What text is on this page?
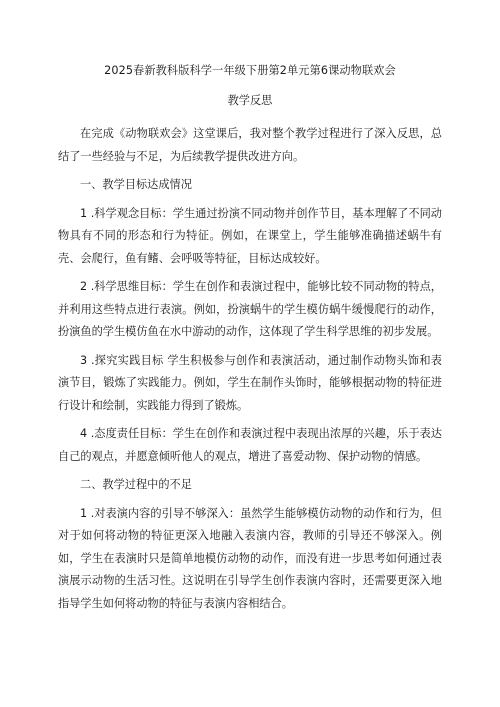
2025春新教科版科学一年级下册第2单元第6课动物联欢会
教学反思

在完成《动物联欢会》这堂课后，我对整个教学过程进行了深入反思，总结了一些经验与不足，为后续教学提供改进方向。

一、教学目标达成情况

1 .科学观念目标：学生通过扮演不同动物并创作节目，基本理解了不同动物具有不同的形态和行为特征。例如，在课堂上，学生能够准确描述蜗牛有壳、会爬行，鱼有鳍、会呼吸等特征，目标达成较好。

2 .科学思维目标：学生在创作和表演过程中，能够比较不同动物的特点，并利用这些特点进行表演。例如，扮演蜗牛的学生模仿蜗牛缓慢爬行的动作，扮演鱼的学生模仿鱼在水中游动的动作，这体现了学生科学思维的初步发展。

3 .探究实践目标 学生积极参与创作和表演活动，通过制作动物头饰和表演节目，锻炼了实践能力。例如，学生在制作头饰时，能够根据动物的特征进行设计和绘制，实践能力得到了锻炼。

4 .态度责任目标：学生在创作和表演过程中表现出浓厚的兴趣，乐于表达自己的观点，并愿意倾听他人的观点，增进了喜爱动物、保护动物的情感。

二、教学过程中的不足

1 .对表演内容的引导不够深入：虽然学生能够模仿动物的动作和行为，但对于如何将动物的特征更深入地融入表演内容，教师的引导还不够深入。例如，学生在表演时只是简单地模仿动物的动作，而没有进一步思考如何通过表演展示动物的生活习性。这说明在引导学生创作表演内容时，还需要更深入地指导学生如何将动物的特征与表演内容相结合。
